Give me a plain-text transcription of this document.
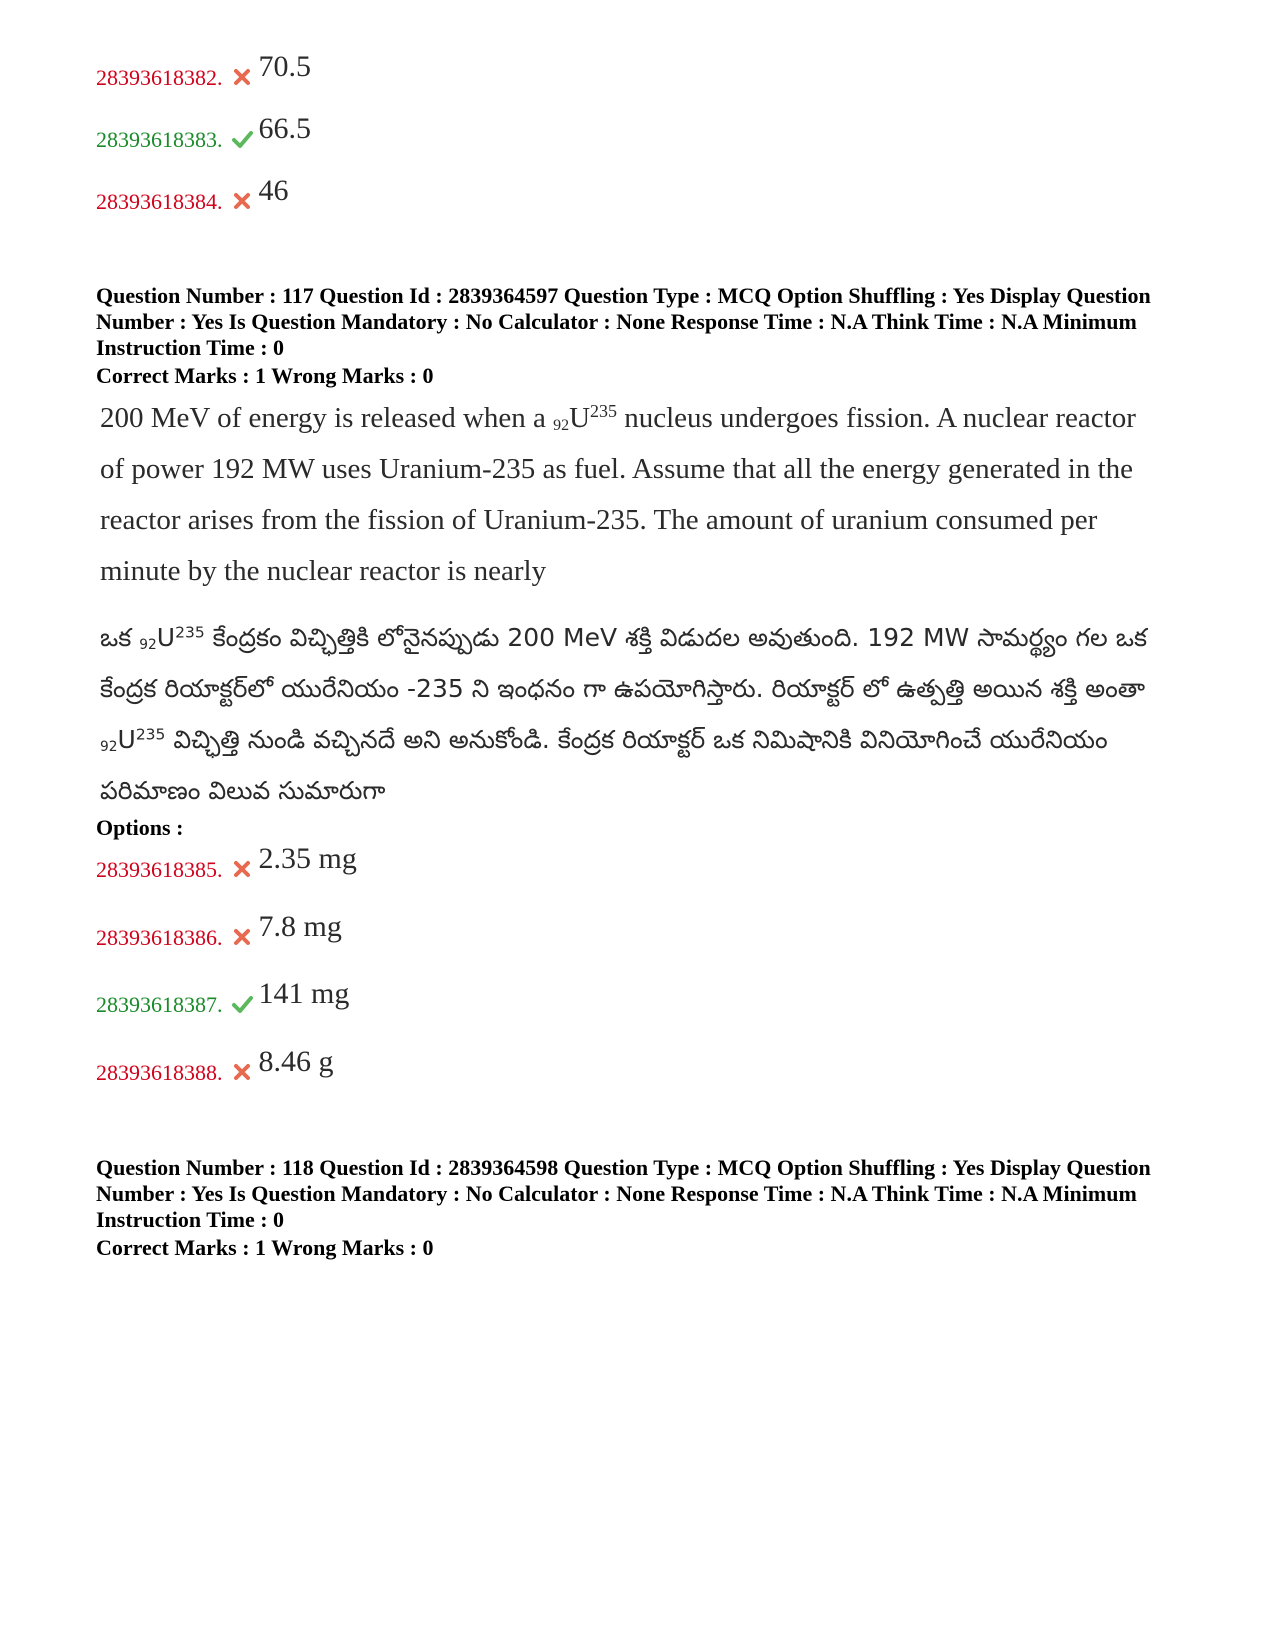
28393618382. 70.5
28393618383. 66.5
28393618384. 46
Question Number : 117 Question Id : 2839364597 Question Type : MCQ Option Shuffling : Yes Display Question Number : Yes Is Question Mandatory : No Calculator : None Response Time : N.A Think Time : N.A Minimum Instruction Time : 0
Correct Marks : 1 Wrong Marks : 0
200 MeV of energy is released when a $_{92}U^{235}$ nucleus undergoes fission. A nuclear reactor of power 192 MW uses Uranium-235 as fuel. Assume that all the energy generated in the reactor arises from the fission of Uranium-235. The amount of uranium consumed per minute by the nuclear reactor is nearly
ఒక $_{92}U^{235}$ కేంద్రకం విచ్ఛిత్తికి లోనైనప్పుడు 200 MeV శక్తి విడుదల అవుతుంది. 192 MW సామర్థ్యం గల ఒక కేంద్రక రియాక్టర్‌లో యురేనియం -235 ని ఇంధనం గా ఉపయోగిస్తారు. రియాక్టర్ లో ఉత్పత్తి అయిన శక్తి అంతా $_{92}U^{235}$ విచ్ఛిత్తి నుండి వచ్చినదే అని అనుకోండి. కేంద్రక రియాక్టర్ ఒక నిమిషానికి వినియోగించే యురేనియం పరిమాణం విలువ సుమారుగా
Options :
28393618385. 2.35 mg
28393618386. 7.8 mg
28393618387. 141 mg
28393618388. 8.46 g
Question Number : 118 Question Id : 2839364598 Question Type : MCQ Option Shuffling : Yes Display Question Number : Yes Is Question Mandatory : No Calculator : None Response Time : N.A Think Time : N.A Minimum Instruction Time : 0
Correct Marks : 1 Wrong Marks : 0
